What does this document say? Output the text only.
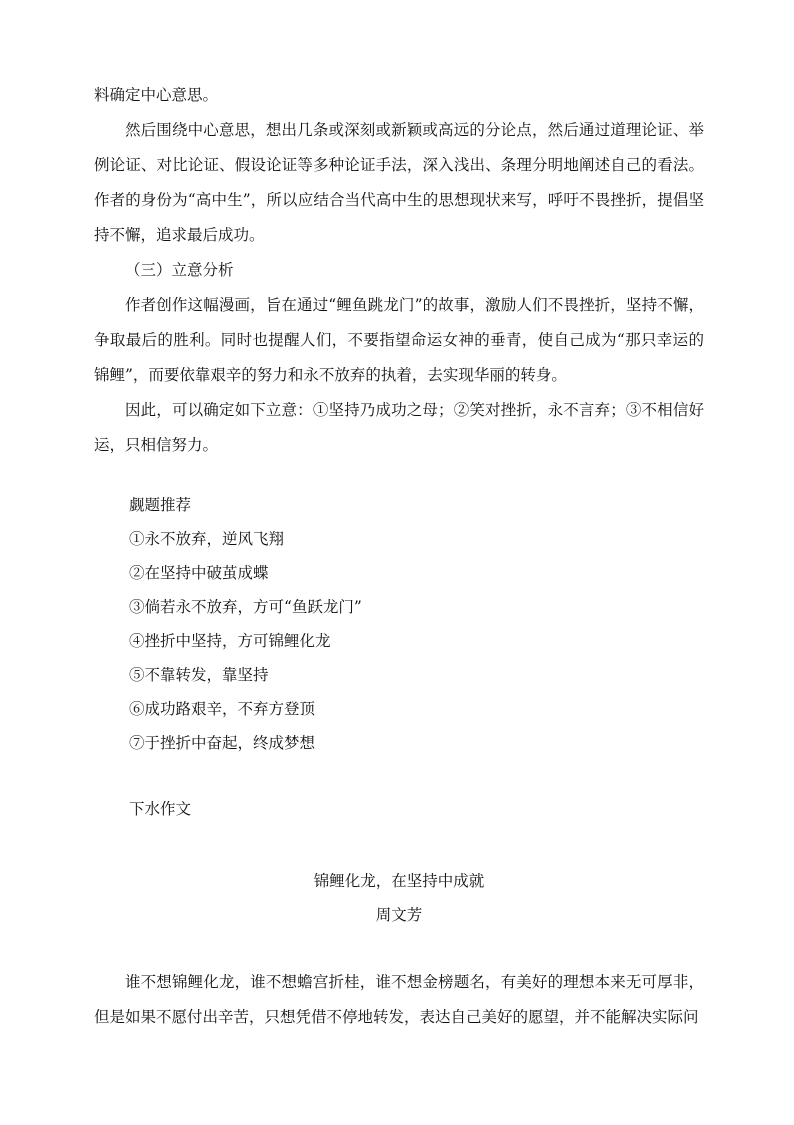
料确定中心意思。

然后围绕中心意思，想出几条或深刻或新颖或高远的分论点，然后通过道理论证、举例论证、对比论证、假设论证等多种论证手法，深入浅出、条理分明地阐述自己的看法。作者的身份为“高中生”，所以应结合当代高中生的思想现状来写，呼吁不畏挫折，提倡坚持不懈，追求最后成功。

（三）立意分析

作者创作这幅漫画，旨在通过“鲤鱼跳龙门”的故事，激励人们不畏挫折，坚持不懈，争取最后的胜利。同时也提醒人们，不要指望命运女神的垂青，使自己成为“那只幸运的锦鲤”，而要依靠艰辛的努力和永不放弃的执着，去实现华丽的转身。

因此，可以确定如下立意：①坚持乃成功之母；②笑对挫折，永不言弃；③不相信好运，只相信努力。

觑题推荐

①永不放弃，逆风飞翔

②在坚持中破茧成蝶

③倘若永不放弃，方可“鱼跃龙门”

④挫折中坚持，方可锦鲤化龙

⑤不靠转发，靠坚持

⑥成功路艰辛，不弃方登顶

⑦于挫折中奋起，终成梦想

下水作文

锦鲤化龙，在坚持中成就

周文芳

谁不想锦鲤化龙，谁不想蟾宫折桂，谁不想金榜题名，有美好的理想本来无可厚非，但是如果不愿付出辛苦，只想凭借不停地转发，表达自己美好的愿望，并不能解决实际问
